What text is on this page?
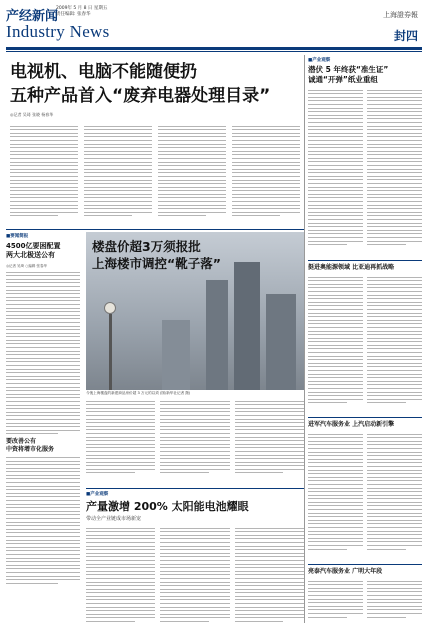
产经新闻
2009年 5 月 8 日 星期五
责任编辑: 张春华
Industry News
上海證券報
封四
电视机、电脑不能随便扔
五种产品首入“废弃电器处理目录”
◎记者 吴琦 张晓 杨春华
■要闻简报
4500亿要困配置
两大北极送公有
◎记者 吴琦 ○编辑 张春华
要改善公有
中资将增市化服务
楼盘价超3万须报批
上海楼市调控“靴子落”
今後上海楼盘的新建商品房价超 3 万元的以须 (图/新华社记者 摄)
■产业观察
产量激增 200% 太阳能电池耀眼
带动全产业链成市场新宠
■产业观察
潜伏 5 年终获“准生证”
诚通“开弹”纸业重组
挺进奥能源领域 比亚迪再抓战略
进军汽车服务业 上汽启动新引擎
亮泰汽车服务业 广明大年段
